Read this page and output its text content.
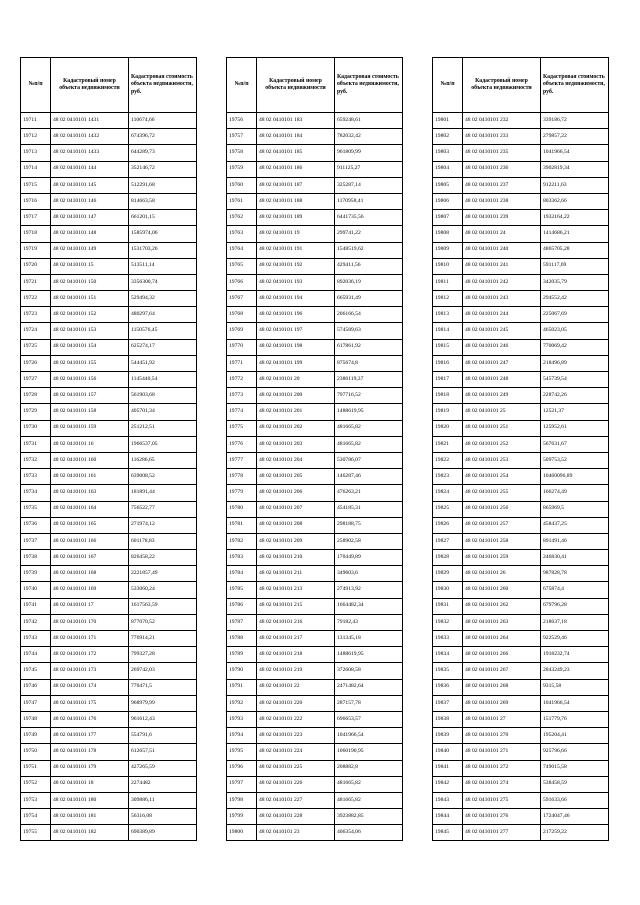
№п/п	Кадастровый номер объекта недвижимости	Кадастровая стоимость объекта недвижимости, руб.
19711	48 02 0410101 1431	110674,66
19712	48 02 0410101 1432	674396,72
19713	48 02 0410101 1433	644289,73
19714	48 02 0410101 144	352146,72
19715	48 02 0410101 145	512291,68
19716	48 02 0410101 146	814663,58
19717	48 02 0410101 147	661201,15
19718	48 02 0410101 148	1585974,06
19719	48 02 0410101 149	1531703,26
19720	48 02 0410101 15	513511,14
19721	48 02 0410101 150	3356300,74
19722	48 02 0410101 151	529494,32
19723	48 02 0410101 152	480297,64
19724	48 02 0410101 153	1150576,45
19725	48 02 0410101 154	625274,17
19726	48 02 0410101 155	544451,92
19727	48 02 0410101 156	1145440,54
19728	48 02 0410101 157	561903,68
19729	48 02 0410101 158	405701,34
19730	48 02 0410101 159	251212,51
19731	48 02 0410101 16	1966537,05
19732	48 02 0410101 160	116286,65
19733	48 02 0410101 161	639008,52
19734	48 02 0410101 163	181891,44
19735	48 02 0410101 164	756522,77
19736	48 02 0410101 165	271974,12
19737	48 02 0410101 166	601178,83
19738	48 02 0410101 167	826458,22
19739	48 02 0410101 168	2221857,49
19740	48 02 0410101 169	533060,24
19741	48 02 0410101 17	1617563,59
19742	48 02 0410101 170	877070,52
19743	48 02 0410101 171	776914,21
19744	48 02 0410101 172	799327,28
19745	48 02 0410101 173	269742,03
19746	48 02 0410101 174	770471,5
19747	48 02 0410101 175	968979,99
19748	48 02 0410101 176	961612,43
19749	48 02 0410101 177	554791,6
19750	48 02 0410101 178	612657,51
19751	48 02 0410101 179	427265,59
19752	48 02 0410101 18	2274482
19753	48 02 0410101 180	309886,11
19754	48 02 0410101 181	56316,08
19755	48 02 0410101 182	690389,89
№п/п	Кадастровый номер объекта недвижимости	Кадастровая стоимость объекта недвижимости, руб.
19756	48 02 0410101 183	659248,61
19757	48 02 0410101 184	782032,42
19758	48 02 0410101 185	961809,99
19759	48 02 0410101 186	911125,27
19760	48 02 0410101 187	325287,14
19761	48 02 0410101 188	1170958,41
19762	48 02 0410101 189	6441735,56
19763	48 02 0410101 19	299741,22
19764	48 02 0410101 191	1548519,62
19765	48 02 0410101 192	429411,56
19766	48 02 0410101 193	892036,19
19767	48 02 0410101 194	665931,49
19768	48 02 0410101 196	206166,54
19769	48 02 0410101 197	574589,63
19770	48 02 0410101 198	617861,92
19771	48 02 0410101 199	875674,8
19772	48 02 0410101 20	2386119,37
19773	48 02 0410101 200	797716,52
19774	48 02 0410101 201	1488619,95
19775	48 02 0410101 202	481665,82
19776	48 02 0410101 203	481665,82
19777	48 02 0410101 204	530786,07
19778	48 02 0410101 205	146287,46
19779	48 02 0410101 206	476263,21
19780	48 02 0410101 207	454185,31
19781	48 02 0410101 208	298188,75
19782	48 02 0410101 209	258902,58
19783	48 02 0410101 210	170449,89
19784	48 02 0410101 211	349603,6
19785	48 02 0410101 213	274913,92
19786	48 02 0410101 215	1664482,34
19787	48 02 0410101 216	79182,43
19788	48 02 0410101 217	131345,18
19789	48 02 0410101 218	1488619,95
19790	48 02 0410101 219	372608,58
19791	48 02 0410101 22	2471482,64
19792	48 02 0410101 220	287157,78
19793	48 02 0410101 222	696653,57
19794	48 02 0410101 223	1041966,54
19795	48 02 0410101 224	1060190,95
19796	48 02 0410101 225	208882,8
19797	48 02 0410101 226	481665,82
19798	48 02 0410101 227	481665,82
19799	48 02 0410101 228	3923882,85
19800	48 02 0410101 23	406354,06
№п/п	Кадастровый номер объекта недвижимости	Кадастровая стоимость объекта недвижимости, руб.
19801	48 02 0410101 232	339186,72
19802	48 02 0410101 233	279857,22
19803	48 02 0410101 235	1041966,54
19804	48 02 0410101 236	3902819,34
19805	48 02 0410101 237	912211,63
19806	48 02 0410101 238	803362,66
19807	48 02 0410101 239	1932164,22
19808	48 02 0410101 24	1414686,21
19809	48 02 0410101 240	4865705,28
19810	48 02 0410101 241	591117,69
19811	48 02 0410101 242	342035,79
19812	48 02 0410101 243	294552,42
19813	48 02 0410101 244	225067,69
19814	48 02 0410101 245	465023,05
19815	48 02 0410101 246	770069,42
19816	48 02 0410101 247	218496,89
19817	48 02 0410101 248	545739,54
19818	48 02 0410101 249	228742,26
19819	48 02 0410101 25	12521,37
19820	48 02 0410101 251	125952,61
19821	48 02 0410101 252	567631,67
19822	48 02 0410101 253	509753,52
19823	48 02 0410101 254	10460096,89
19824	48 02 0410101 255	166274,49
19825	48 02 0410101 256	865969,5
19826	48 02 0410101 257	458437,25
19827	48 02 0410101 258	891491,46
19828	48 02 0410101 259	246830,41
19829	48 02 0410101 26	987828,78
19830	48 02 0410101 260	675874,4
19831	48 02 0410101 262	679796,28
19832	48 02 0410101 263	218637,18
19833	48 02 0410101 264	922529,46
19834	48 02 0410101 266	1918232,74
19835	48 02 0410101 267	2843249,23
19836	48 02 0410101 268	9315,58
19837	48 02 0410101 269	1041966,54
19838	48 02 0410101 27	151779,76
19839	48 02 0410101 270	195204,41
19840	48 02 0410101 271	925796,66
19841	48 02 0410101 272	749015,58
19842	48 02 0410101 274	538458,59
19843	48 02 0410101 275	591633,66
19844	48 02 0410101 276	1724047,46
19845	48 02 0410101 277	217259,22
